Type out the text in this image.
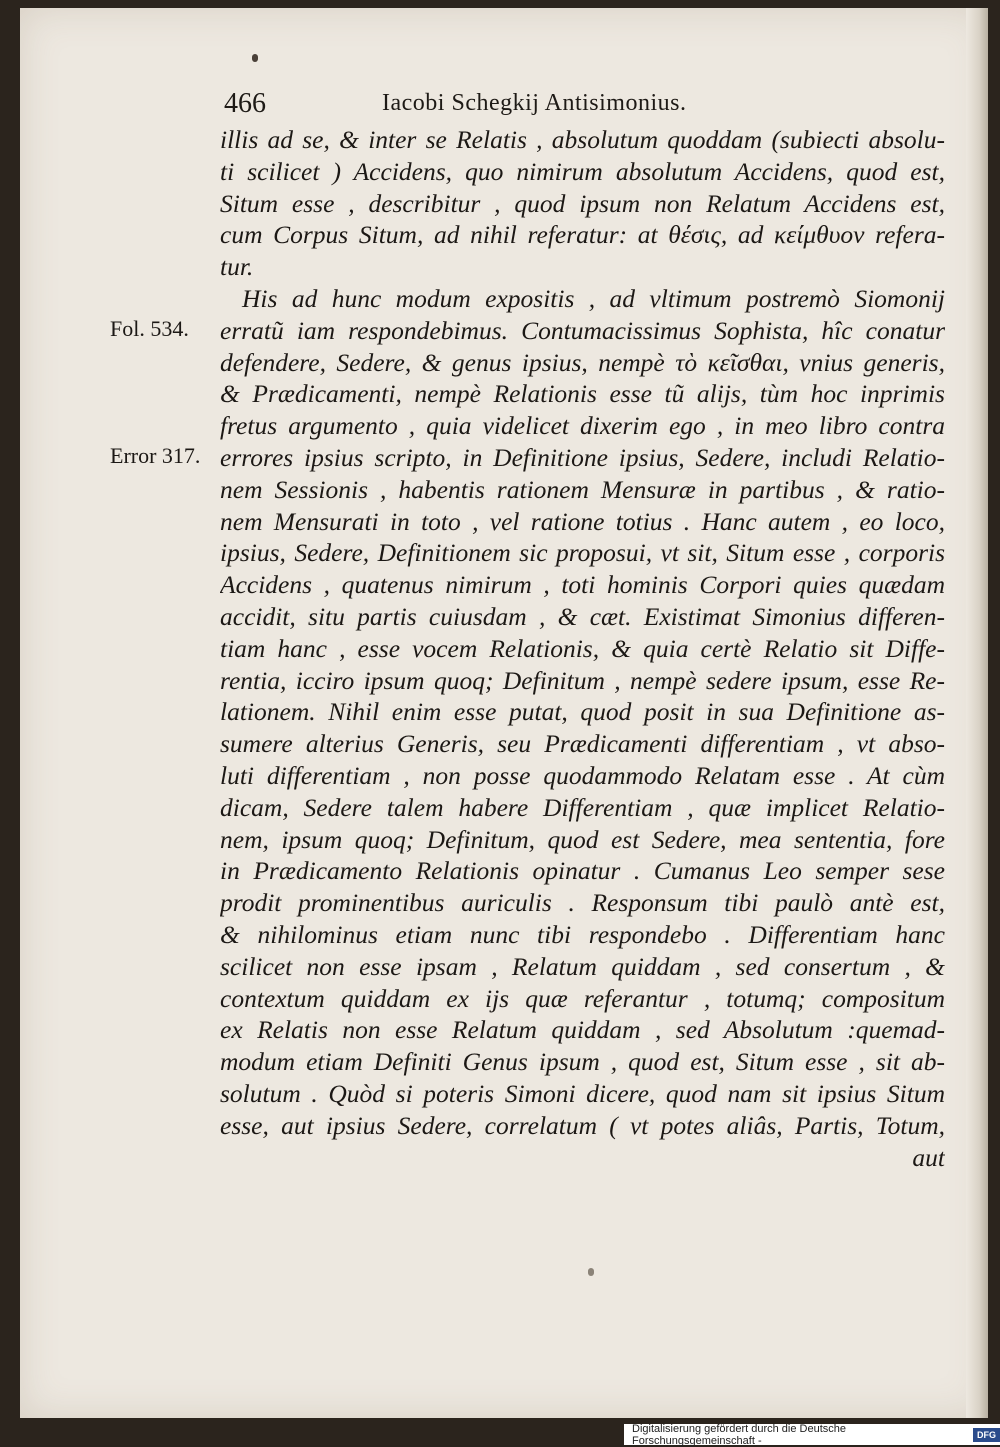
466	Iacobi Schegkij Antisimonius.
Fol. 534.
Error 317.
illis ad se, & inter se Relatis , absolutum quoddam (subiecti absolu-
ti scilicet ) Accidens, quo nimirum absolutum Accidens, quod est,
Situm esse , describitur , quod ipsum non Relatum Accidens est,
cum Corpus Situm, ad nihil referatur: at θέσις, ad κείμθυον refera-
tur.
His ad hunc modum expositis , ad vltimum postremò Siomonij
erratũ iam respondebimus. Contumacissimus Sophista, hîc conatur
defendere, Sedere, & genus ipsius, nempè τὸ κεῖσθαι, vnius generis,
& Prædicamenti, nempè Relationis esse tũ alijs, tùm hoc inprimis
fretus argumento , quia videlicet dixerim ego , in meo libro contra
errores ipsius scripto, in Definitione ipsius, Sedere, includi Relatio-
nem Sessionis , habentis rationem Mensuræ in partibus , & ratio-
nem Mensurati in toto , vel ratione totius . Hanc autem , eo loco,
ipsius, Sedere, Definitionem sic proposui, vt sit, Situm esse , corporis
Accidens , quatenus nimirum , toti hominis Corpori quies quædam
accidit, situ partis cuiusdam , & cæt. Existimat Simonius differen-
tiam hanc , esse vocem Relationis, & quia certè Relatio sit Diffe-
rentia, icciro ipsum quoq; Definitum , nempè sedere ipsum, esse Re-
lationem. Nihil enim esse putat, quod posit in sua Definitione as-
sumere alterius Generis, seu Prædicamenti differentiam , vt abso-
luti differentiam , non posse quodammodo Relatam esse . At cùm
dicam, Sedere talem habere Differentiam , quæ implicet Relatio-
nem, ipsum quoq; Definitum, quod est Sedere, mea sententia, fore
in Prædicamento Relationis opinatur . Cumanus Leo semper sese
prodit prominentibus auriculis . Responsum tibi paulò antè est,
& nihilominus etiam nunc tibi respondebo . Differentiam hanc
scilicet non esse ipsam , Relatum quiddam , sed consertum , &
contextum quiddam ex ijs quæ referantur , totumq; compositum
ex Relatis non esse Relatum quiddam , sed Absolutum :quemad-
modum etiam Definiti Genus ipsum , quod est, Situm esse , sit ab-
solutum . Quòd si poteris Simoni dicere, quod nam sit ipsius Situm
esse, aut ipsius Sedere, correlatum ( vt potes aliâs, Partis, Totum,
aut
Digitalisierung gefördert durch die Deutsche Forschungsgemeinschaft -	DFG
